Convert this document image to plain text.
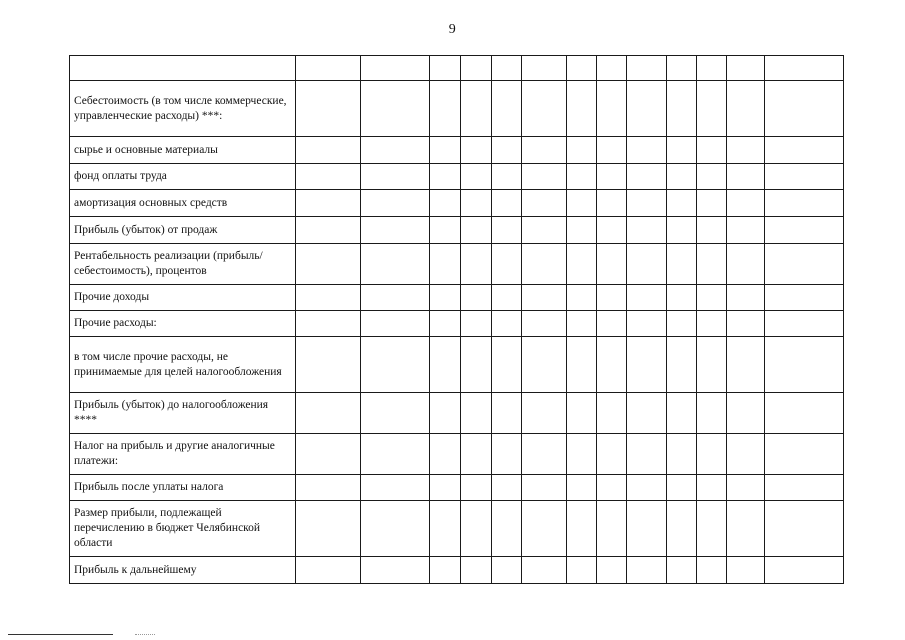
9

Себестоимость (в том числе коммерческие, управленческие расходы) ***:													
сырье и основные материалы													
фонд оплаты труда													
амортизация основных средств													
Прибыль (убыток) от продаж													
Рентабельность реализации (прибыль/себестоимость), процентов													
Прочие доходы													
Прочие расходы:													
в том числе прочие расходы, не принимаемые для целей налогообложения													
Прибыль (убыток) до налогообложения ****													
Налог на прибыль и другие аналогичные платежи:													
Прибыль после уплаты налога													
Размер прибыли, подлежащей перечислению в бюджет Челябинской области													
Прибыль к дальнейшему													
